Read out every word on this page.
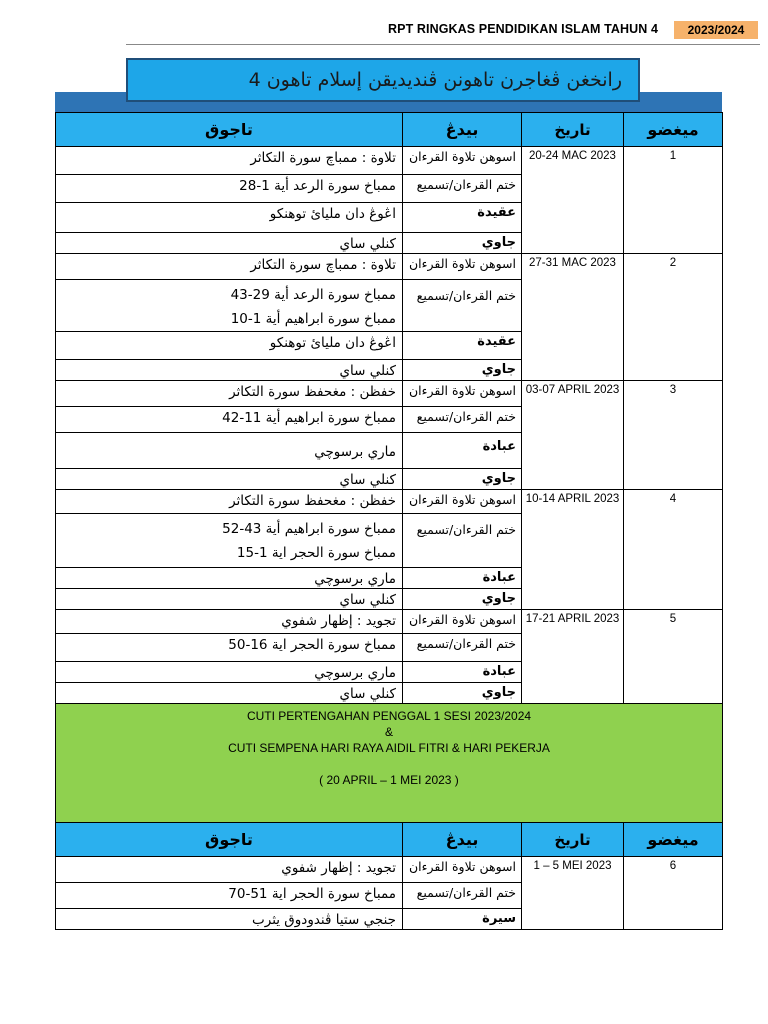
RPT RINGKAS PENDIDIKAN ISLAM TAHUN 4	2023/2024
رانخغن ڤغاجرن تاهونن ڤنديديقن إسلام تاهون 4
تاجوق	بيدڠ	تاريخ	ميغضو
تلاوة : ممباچ سورة التكاثر	اسوهن تلاوة القرءان	20-24 MAC 2023	1
ممباخ سورة الرعد أية 1-28	ختم القرءان/تسميع		
اڠوڠ دان مليائ توهنكو	عقيدة		
كنلي ساي	جاوي		
تلاوة : ممباچ سورة التكاثر	اسوهن تلاوة القرءان	27-31 MAC 2023	2

ممباخ سورة الرعد أية 29-43
ممباخ سورة ابراهيم أية 1-10	ختم القرءان/تسميع		
اڠوڠ دان مليائ توهنكو	عقيدة		
كنلي ساي	جاوي		
خفظن : مغحفظ سورة التكاثر	اسوهن تلاوة القرءان	03-07 APRIL 2023	3
ممباخ سورة ابراهيم أية 11-42	ختم القرءان/تسميع		
ماري برسوچي	عبادة		
كنلي ساي	جاوي		
خفظن : مغحفظ سورة التكاثر	اسوهن تلاوة القرءان	10-14 APRIL 2023	4

ممباخ سورة ابراهيم أية 43-52
ممباخ سورة الحجر اية 1-15	ختم القرءان/تسميع		
ماري برسوچي	عبادة		
كنلي ساي	جاوي		
تجويد : إظهار شفوي	اسوهن تلاوة القرءان	17-21 APRIL 2023	5
ممباخ سورة الحجر اية 16-50	ختم القرءان/تسميع		
ماري برسوچي	عبادة		
كنلي ساي	جاوي		

CUTI PERTENGAHAN PENGGAL 1 SESI 2023/2024
&
CUTI SEMPENA HARI RAYA AIDIL FITRI & HARI PEKERJA
( 20 APRIL – 1 MEI 2023 )			
تاجوق	بيدڠ	تاريخ	ميغضو
تجويد : إظهار شفوي	اسوهن تلاوة القرءان	1 – 5 MEI 2023	6
ممباخ سورة الحجر اية 51-70	ختم القرءان/تسميع		
جنجي ستيا ڤندودوق يثرب	سيرة		
